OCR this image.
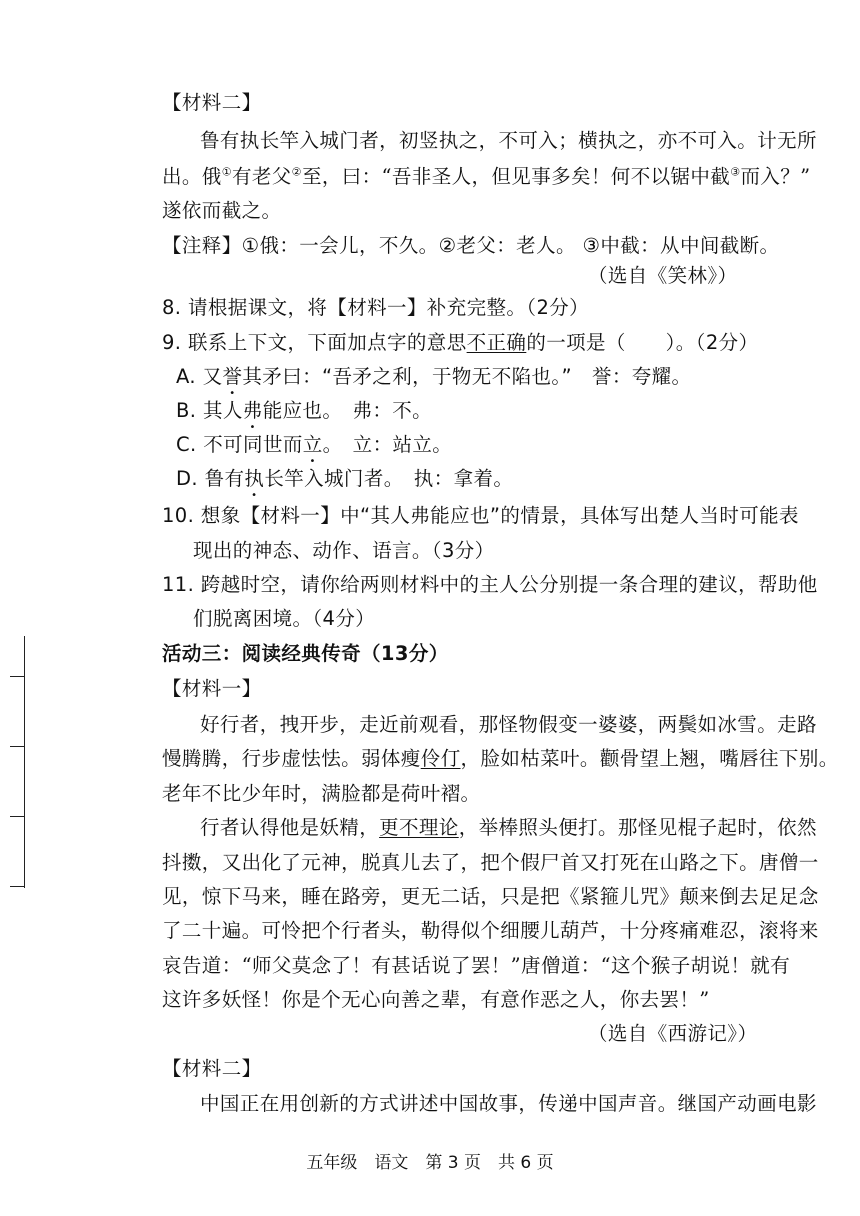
【材料二】

鲁有执长竿入城门者，初竖执之，不可入；横执之，亦不可入。计无所

出。俄①有老父②至，曰：“吾非圣人，但见事多矣！何不以锯中截③而入？”

遂依而截之。

【注释】①俄：一会儿，不久。②老父：老人。 ③中截：从中间截断。

（选自《笑林》）

8. 请根据课文，将【材料一】补充完整。（2分）

9. 联系上下文，下面加点字的意思不正确的一项是（　　）。（2分）

A. 又誉其矛曰：“吾矛之利，于物无不陷也。”　誉：夸耀。

B. 其人弗能应也。　弗：不。

C. 不可同世而立。　立：站立。

D. 鲁有执长竿入城门者。　执：拿着。

10. 想象【材料一】中“其人弗能应也”的情景，具体写出楚人当时可能表

现出的神态、动作、语言。（3分）

11. 跨越时空，请你给两则材料中的主人公分别提一条合理的建议，帮助他

们脱离困境。（4分）

活动三：阅读经典传奇（13分）

【材料一】

好行者，拽开步，走近前观看，那怪物假变一婆婆，两鬓如冰雪。走路

慢腾腾，行步虚怯怯。弱体瘦伶仃，脸如枯菜叶。颧骨望上翘，嘴唇往下别。

老年不比少年时，满脸都是荷叶褶。

行者认得他是妖精，更不理论，举棒照头便打。那怪见棍子起时，依然

抖擞，又出化了元神，脱真儿去了，把个假尸首又打死在山路之下。唐僧一

见，惊下马来，睡在路旁，更无二话，只是把《紧箍儿咒》颠来倒去足足念

了二十遍。可怜把个行者头，勒得似个细腰儿葫芦，十分疼痛难忍，滚将来

哀告道：“师父莫念了！有甚话说了罢！”唐僧道：“这个猴子胡说！就有

这许多妖怪！你是个无心向善之辈，有意作恶之人，你去罢！”

（选自《西游记》）

【材料二】

中国正在用创新的方式讲述中国故事，传递中国声音。继国产动画电影

五年级　语文　第 3 页　共 6 页
